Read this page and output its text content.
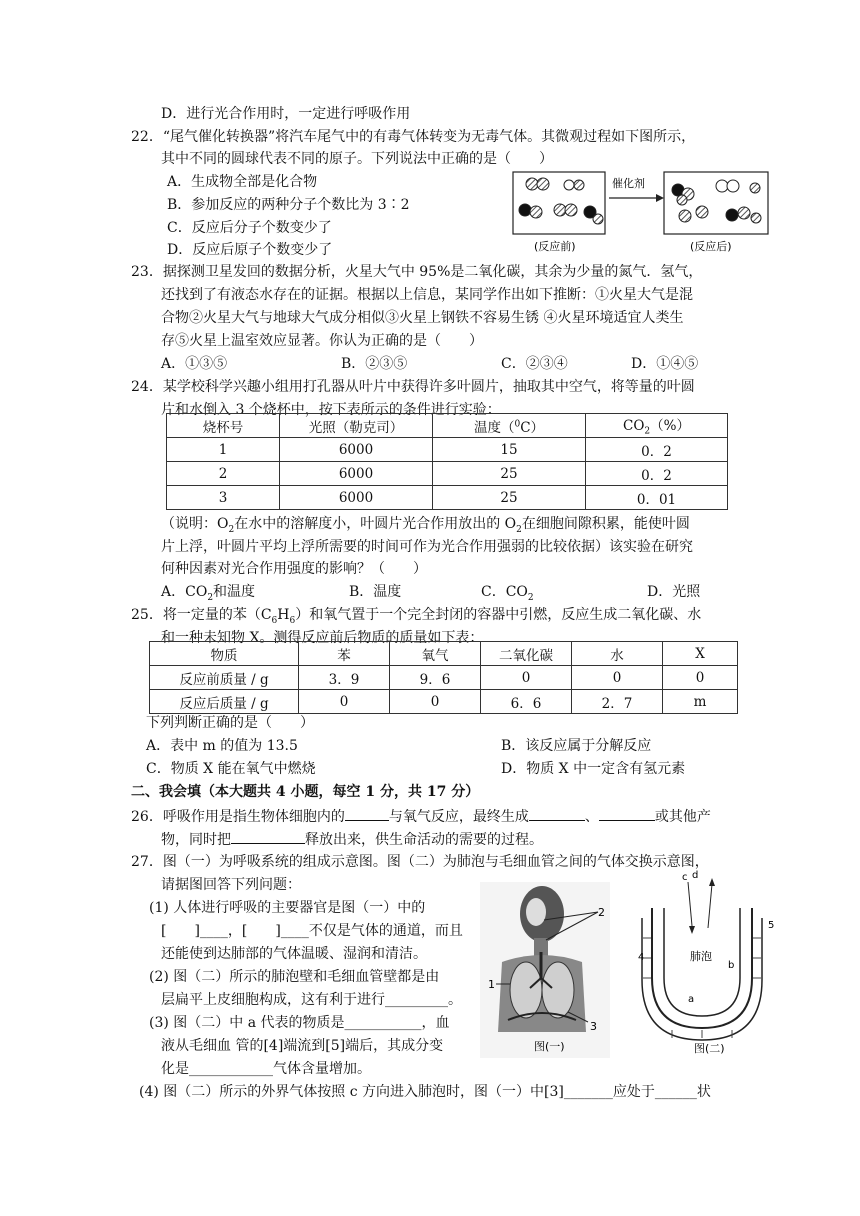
D．进行光合作用时，一定进行呼吸作用
22．“尾气催化转换器”将汽车尾气中的有毒气体转变为无毒气体。其微观过程如下图所示，
其中不同的圆球代表不同的原子。下列说法中正确的是（　　）
A．生成物全部是化合物
B．参加反应的两种分子个数比为 3∶2
C．反应后分子个数变少了
D．反应后原子个数变少了	(反应前)
催化剂
(反应后)
23．据探测卫星发回的数据分析，火星大气中 95%是二氧化碳，其余为少量的氮气．氢气，
还找到了有液态水存在的证据。根据以上信息，某同学作出如下推断：①火星大气是混
合物②火星大气与地球大气成分相似③火星上钢铁不容易生锈 ④火星环境适宜人类生
存⑤火星上温室效应显著。你认为正确的是（　　）
A．①③⑤	B．②③⑤	C．②③④	D．①④⑤
24．某学校科学兴趣小组用打孔器从叶片中获得许多叶圆片，抽取其中空气，将等量的叶圆
片和水倒入 3 个烧杯中，按下表所示的条件进行实验：
烧杯号	光照（勒克司）	温度（$^0$C）	$CO_2(\%)$
1	6000	15	0．2
2	6000	25	0．2
3	6000	25	0．01
（说明：$O_2$在水中的溶解度小，叶圆片光合作用放出的 $O_2$在细胞间隙积累，能使叶圆
片上浮，叶圆片平均上浮所需要的时间可作为光合作用强弱的比较依据）该实验在研究
何种因素对光合作用强度的影响？（　　）
A．$CO_2$和温度	B．温度	C．$CO_2$	D．光照
25．将一定量的苯$(C_6H_6)$和氧气置于一个完全封闭的容器中引燃，反应生成二氧化碳、水
和一种未知物 X。测得反应前后物质的质量如下表：
物质	苯	氧气	二氧化碳	水	X
反应前质量 / g	3．9	9．6	0	0	0
反应后质量 / g	0	0	6．6	2．7	m
下列判断正确的是（　　）
A．表中 m 的值为 13.5	B．该反应属于分解反应
C．物质 X 能在氧气中燃烧	D．物质 X 中一定含有氢元素
二、我会填（本大题共 4 小题，每空 1 分，共 17 分）
26．呼吸作用是指生物体细胞内的	与氧气反应，最终生成	、	或其他产
物，同时把	释放出来，供生命活动的需要的过程。
27．图（一）为呼吸系统的组成示意图。图（二）为肺泡与毛细血管之间的气体交换示意图，
请据图回答下列问题：
(1) 人体进行呼吸的主要器官是图（一）中的
[　　]____，[　　]____不仅是气体的通道，而且
还能使到达肺部的气体温暖、湿润和清洁。
(2) 图（二）所示的肺泡壁和毛细血管壁都是由
层扁平上皮细胞构成，这有利于进行_________。
(3) 图（二）中 a 代表的物质是___________，血
液从毛细血 管的[4]端流到[5]端后，其成分变
化是____________气体含量增加。
(4) 图（二）所示的外界气体按照 c 方向进入肺泡时，图（一）中[3]_______应处于______状
2
1
3
图(一)
c d
4
5
a
b
肺泡
图(二)
